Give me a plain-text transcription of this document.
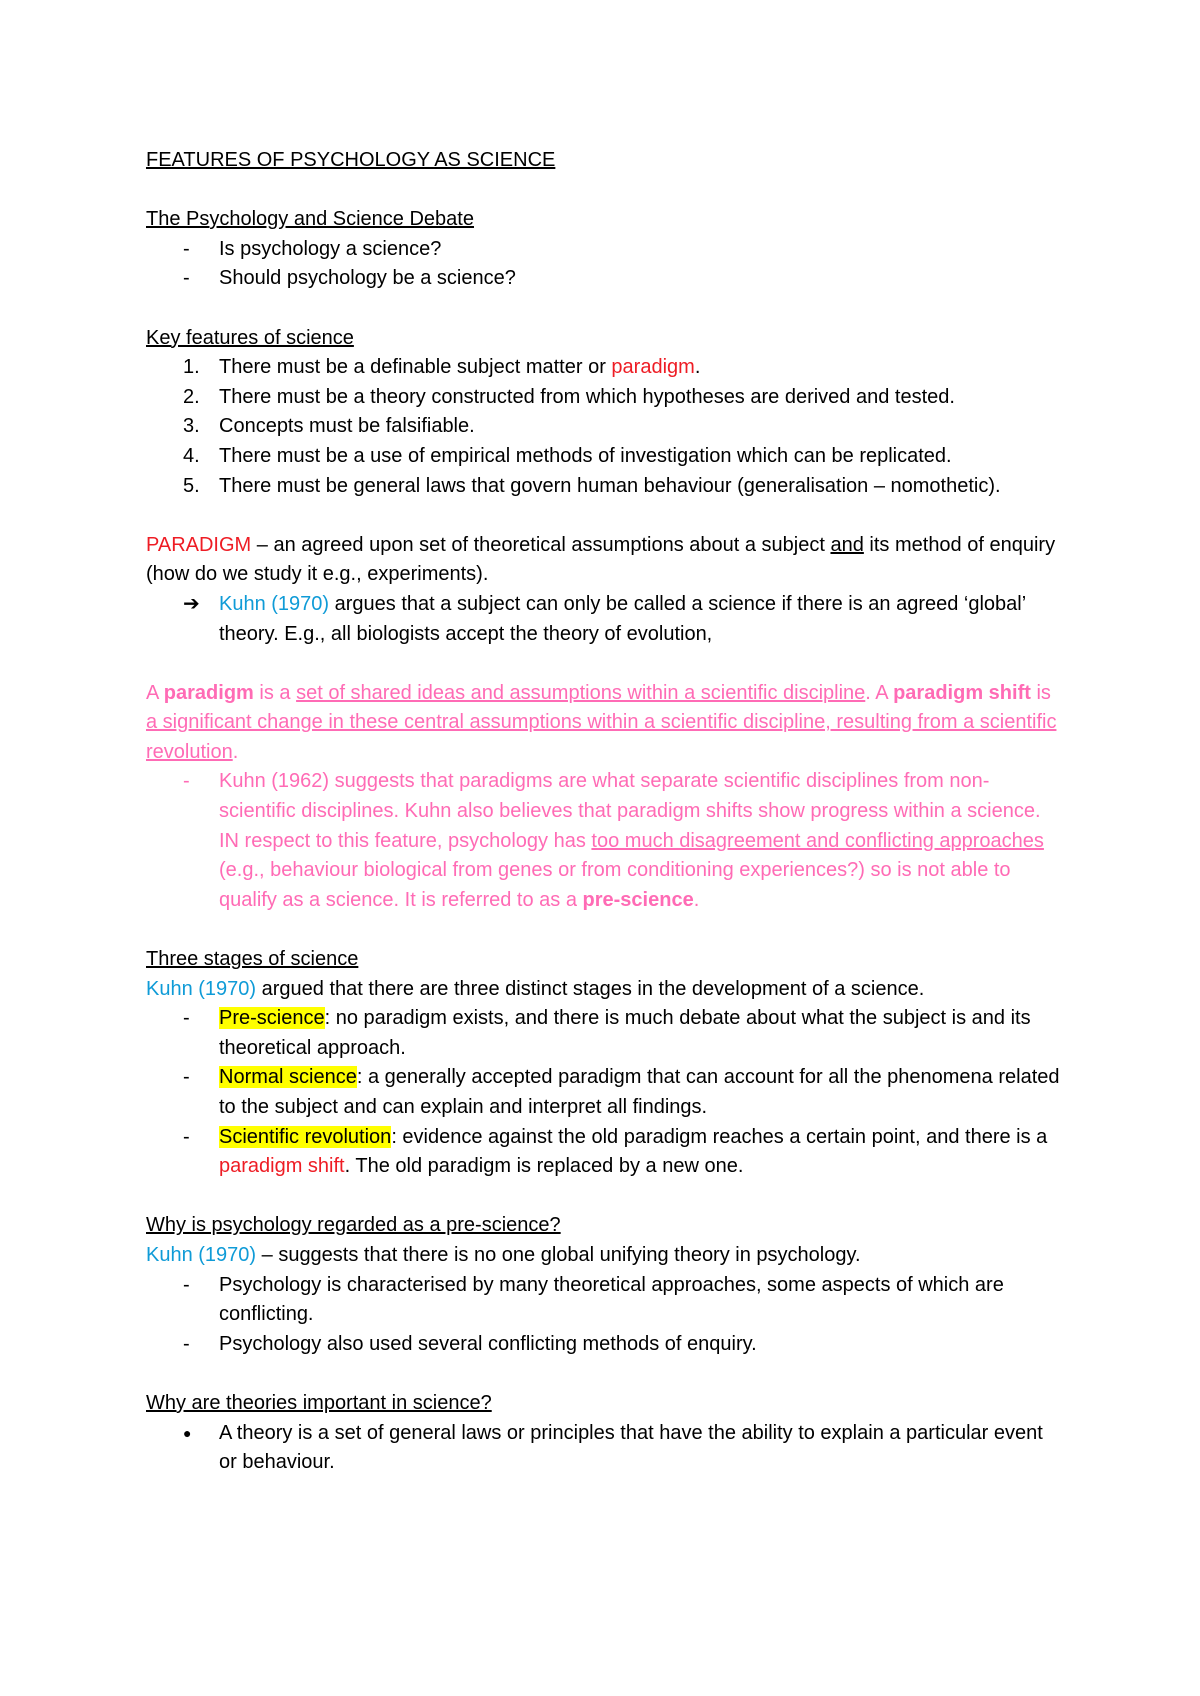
FEATURES OF PSYCHOLOGY AS SCIENCE

The Psychology and Science Debate

- Is psychology a science?
- Should psychology be a science?

Key features of science

1. There must be a definable subject matter or paradigm.
2. There must be a theory constructed from which hypotheses are derived and tested.
3. Concepts must be falsifiable.
4. There must be a use of empirical methods of investigation which can be replicated.
5. There must be general laws that govern human behaviour (generalisation – nomothetic).

PARADIGM – an agreed upon set of theoretical assumptions about a subject and its method of enquiry (how do we study it e.g., experiments).

➔ Kuhn (1970) argues that a subject can only be called a science if there is an agreed ‘global’ theory. E.g., all biologists accept the theory of evolution,

A paradigm is a set of shared ideas and assumptions within a scientific discipline. A paradigm shift is a significant change in these central assumptions within a scientific discipline, resulting from a scientific revolution.

- Kuhn (1962) suggests that paradigms are what separate scientific disciplines from non-scientific disciplines. Kuhn also believes that paradigm shifts show progress within a science. IN respect to this feature, psychology has too much disagreement and conflicting approaches (e.g., behaviour biological from genes or from conditioning experiences?) so is not able to qualify as a science. It is referred to as a pre-science.

Three stages of science

Kuhn (1970) argued that there are three distinct stages in the development of a science.

- Pre-science: no paradigm exists, and there is much debate about what the subject is and its theoretical approach.
- Normal science: a generally accepted paradigm that can account for all the phenomena related to the subject and can explain and interpret all findings.
- Scientific revolution: evidence against the old paradigm reaches a certain point, and there is a paradigm shift. The old paradigm is replaced by a new one.

Why is psychology regarded as a pre-science?

Kuhn (1970) – suggests that there is no one global unifying theory in psychology.

- Psychology is characterised by many theoretical approaches, some aspects of which are conflicting.
- Psychology also used several conflicting methods of enquiry.

Why are theories important in science?

● A theory is a set of general laws or principles that have the ability to explain a particular event or behaviour.
